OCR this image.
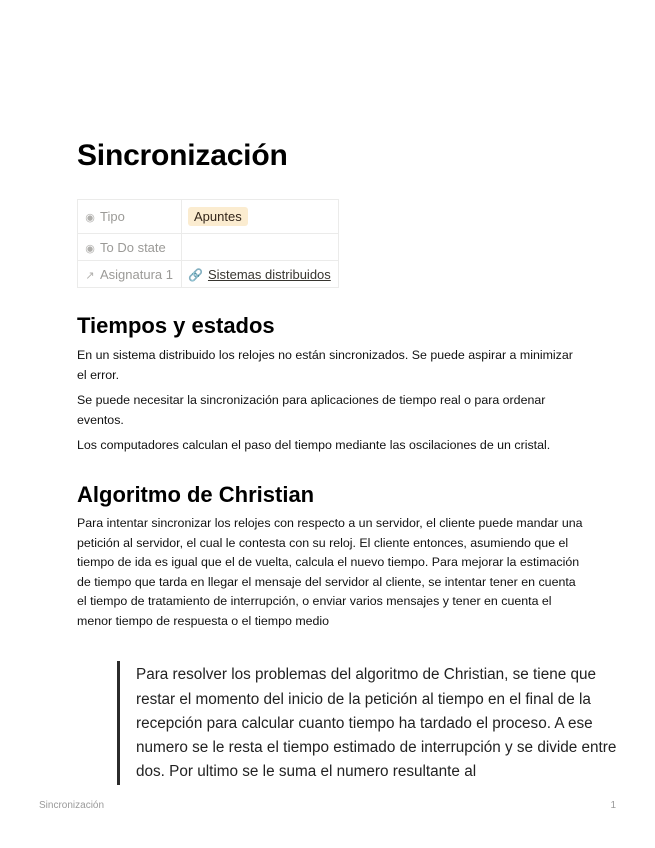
Sincronización
◉ Tipo	Apuntes
◉ To Do state	
↗ Asignatura 1	🔗 Sistemas distribuidos
Tiempos y estados

En un sistema distribuido los relojes no están sincronizados. Se puede aspirar a minimizar el error.

Se puede necesitar la sincronización para aplicaciones de tiempo real o para ordenar eventos.

Los computadores calculan el paso del tiempo mediante las oscilaciones de un cristal.

Algoritmo de Christian

Para intentar sincronizar los relojes con respecto a un servidor, el cliente puede mandar una petición al servidor, el cual le contesta con su reloj. El cliente entonces, asumiendo que el tiempo de ida es igual que el de vuelta, calcula el nuevo tiempo. Para mejorar la estimación de tiempo que tarda en llegar el mensaje del servidor al cliente, se intentar tener en cuenta el tiempo de tratamiento de interrupción, o enviar varios mensajes y tener en cuenta el menor tiempo de respuesta o el tiempo medio

Para resolver los problemas del algoritmo de Christian, se tiene que restar el momento del inicio de la petición al tiempo en el final de la recepción para calcular cuanto tiempo ha tardado el proceso. A ese numero se le resta el tiempo estimado de interrupción y se divide entre dos. Por ultimo se le suma el numero resultante al

Sincronización	1
